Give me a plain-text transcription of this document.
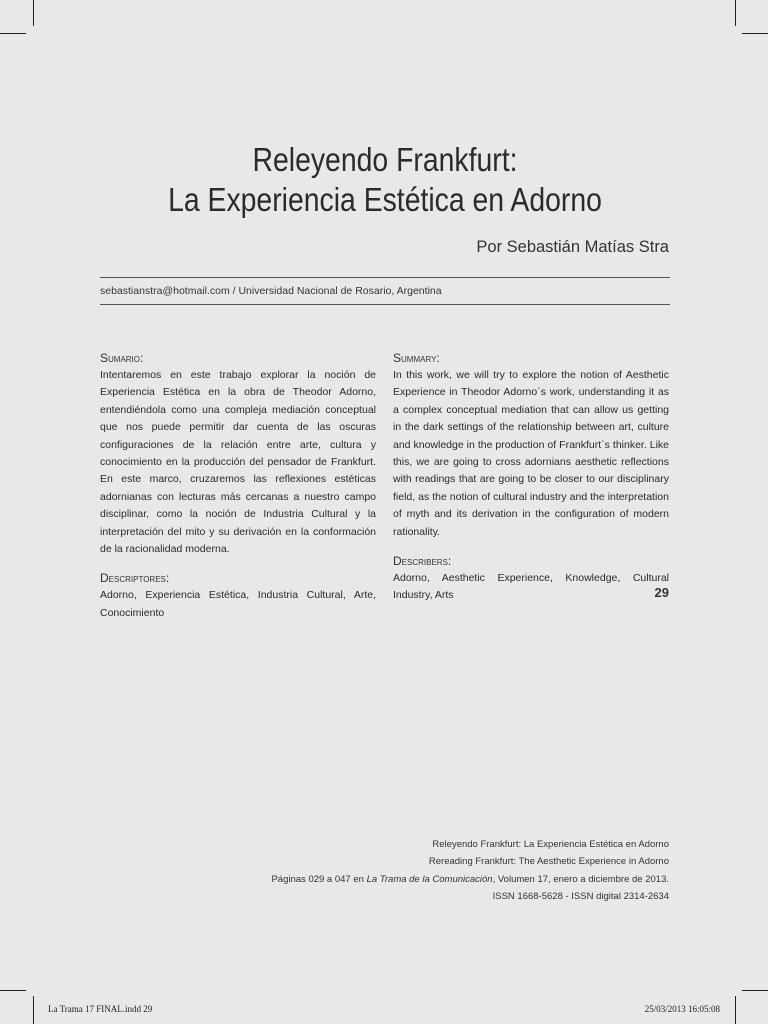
Releyendo Frankfurt:
La Experiencia Estética en Adorno
Por Sebastián Matías Stra
sebastianstra@hotmail.com / Universidad Nacional de Rosario, Argentina
Sumario:
Intentaremos en este trabajo explorar la noción de Experiencia Estética en la obra de Theodor Adorno, entendiéndola como una compleja mediación conceptual que nos puede permitir dar cuenta de las oscuras configuraciones de la relación entre arte, cultura y conocimiento en la producción del pensador de Frankfurt. En este marco, cruzaremos las reflexiones estéticas adornianas con lecturas más cercanas a nuestro campo disciplinar, como la noción de Industria Cultural y la interpretación del mito y su derivación en la conformación de la racionalidad moderna.
Descriptores:
Adorno, Experiencia Estética, Industria Cultural, Arte, Conocimiento
Summary:
In this work, we will try to explore the notion of Aesthetic Experience in Theodor Adorno`s work, understanding it as a complex conceptual mediation that can allow us getting in the dark settings of the relationship between art, culture and knowledge in the production of Frankfurt`s thinker. Like this, we are going to cross adornians aesthetic reflections with readings that are going to be closer to our disciplinary field, as the notion of cultural industry and the interpretation of myth and its derivation in the configuration of modern rationality.
Describers:
Adorno, Aesthetic Experience, Knowledge, Cultural Industry, Arts	29
Releyendo Frankfurt: La Experiencia Estética en Adorno
Rereading Frankfurt: The Aesthetic Experience in Adorno
Páginas 029 a 047 en La Trama de la Comunicación, Volumen 17, enero a diciembre de 2013.
ISSN 1668-5628 - ISSN digital 2314-2634
La Trama 17 FINAL.indd 29	25/03/2013 16:05:08
